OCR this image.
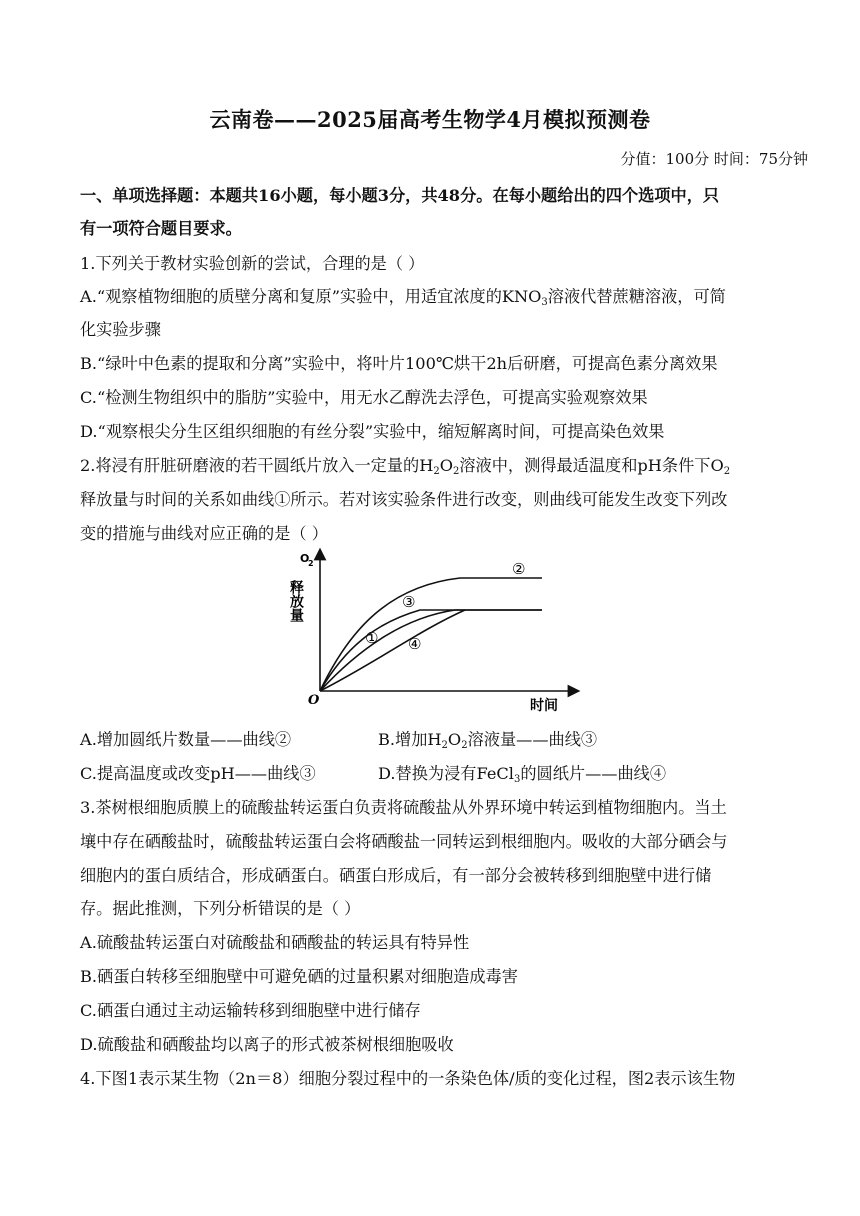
云南卷——2025届高考生物学4月模拟预测卷
分值：100分 时间：75分钟
一、单项选择题：本题共16小题，每小题3分，共48分。在每小题给出的四个选项中，只
有一项符合题目要求。
1.下列关于教材实验创新的尝试，合理的是（ ）
A.“观察植物细胞的质壁分离和复原”实验中，用适宜浓度的$KNO_3$溶液代替蔗糖溶液，可简
化实验步骤
B.“绿叶中色素的提取和分离”实验中，将叶片100℃烘干2h后研磨，可提高色素分离效果
C.“检测生物组织中的脂肪”实验中，用无水乙醇洗去浮色，可提高实验观察效果
D.“观察根尖分生区组织细胞的有丝分裂”实验中，缩短解离时间，可提高染色效果
2.将浸有肝脏研磨液的若干圆纸片放入一定量的$H_2O_2$溶液中，测得最适温度和pH条件下$O_2$
释放量与时间的关系如曲线①所示。若对该实验条件进行改变，则曲线可能发生改变下列改
变的措施与曲线对应正确的是（ ）
O
2
释放量
时间
O
①
②
③
④
A.增加圆纸片数量——曲线②	B.增加$H_2O_2$溶液量——曲线③
C.提高温度或改变pH——曲线③	D.替换为浸有FeCl$_3$的圆纸片——曲线④
3.茶树根细胞质膜上的硫酸盐转运蛋白负责将硫酸盐从外界环境中转运到植物细胞内。当土
壤中存在硒酸盐时，硫酸盐转运蛋白会将硒酸盐一同转运到根细胞内。吸收的大部分硒会与
细胞内的蛋白质结合，形成硒蛋白。硒蛋白形成后，有一部分会被转移到细胞壁中进行储
存。据此推测，下列分析错误的是（ ）
A.硫酸盐转运蛋白对硫酸盐和硒酸盐的转运具有特异性
B.硒蛋白转移至细胞壁中可避免硒的过量积累对细胞造成毒害
C.硒蛋白通过主动运输转移到细胞壁中进行储存
D.硫酸盐和硒酸盐均以离子的形式被茶树根细胞吸收
4.下图1表示某生物（2n＝8）细胞分裂过程中的一条染色体/质的变化过程，图2表示该生物
